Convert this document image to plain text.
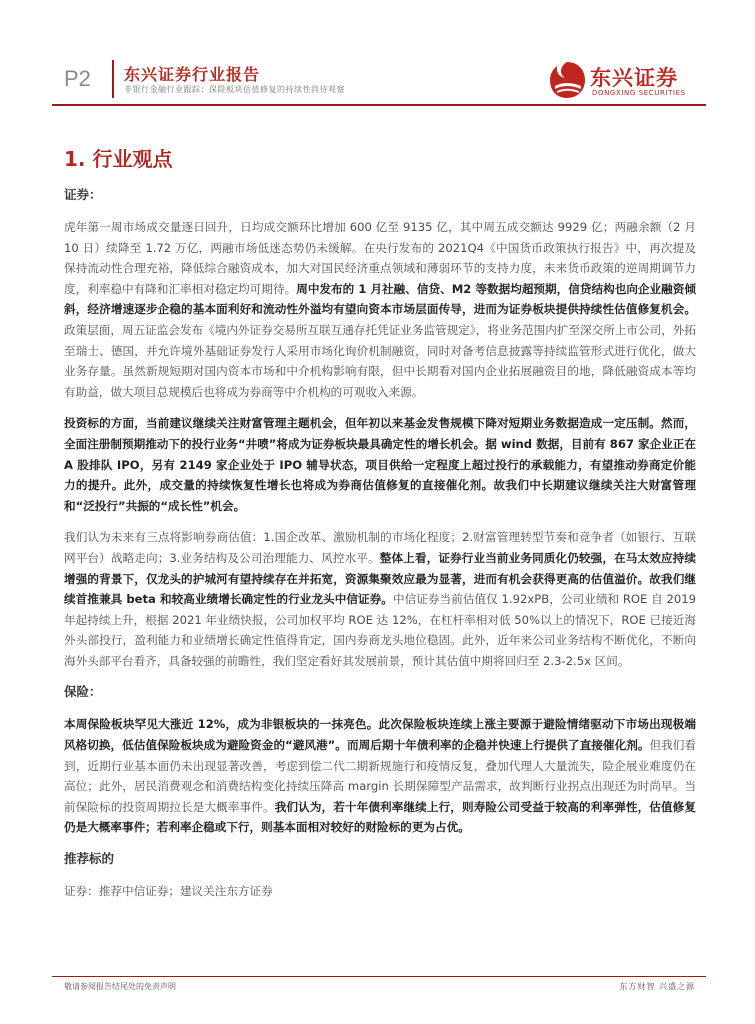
P2 东兴证券行业报告
非银行金融行业跟踪：保险板块估值修复的持续性尚待观察	东兴证券
DONGXING SECURITIES
1. 行业观点

证券：

虎年第一周市场成交量逐日回升，日均成交额环比增加 600 亿至 9135 亿，其中周五成交额达 9929 亿；两融余额（2 月 10 日）续降至 1.72 万亿，两融市场低迷态势仍未缓解。在央行发布的 2021Q4《中国货币政策执行报告》中，再次提及保持流动性合理充裕，降低综合融资成本，加大对国民经济重点领域和薄弱环节的支持力度，未来货币政策的逆周期调节力度，利率稳中有降和汇率相对稳定均可期待。周中发布的 1 月社融、信贷、M2 等数据均超预期，信贷结构也向企业融资倾斜，经济增速逐步企稳的基本面利好和流动性外溢均有望向资本市场层面传导，进而为证券板块提供持续性估值修复机会。政策层面，周五证监会发布《境内外证券交易所互联互通存托凭证业务监管规定》，将业务范围内扩至深交所上市公司，外拓至瑞士、德国，并允许境外基础证券发行人采用市场化询价机制融资，同时对备考信息披露等持续监管形式进行优化，做大业务存量。虽然新规短期对国内资本市场和中介机构影响有限，但中长期看对国内企业拓展融资目的地，降低融资成本等均有助益，做大项目总规模后也将成为券商等中介机构的可观收入来源。

投资标的方面，当前建议继续关注财富管理主题机会，但年初以来基金发售规模下降对短期业务数据造成一定压制。然而，全面注册制预期推动下的投行业务“井喷”将成为证券板块最具确定性的增长机会。据 wind 数据，目前有 867 家企业正在 A 股排队 IPO，另有 2149 家企业处于 IPO 辅导状态，项目供给一定程度上超过投行的承载能力，有望推动券商定价能力的提升。此外，成交量的持续恢复性增长也将成为券商估值修复的直接催化剂。故我们中长期建议继续关注大财富管理和“泛投行”共振的“成长性”机会。

我们认为未来有三点将影响券商估值：1.国企改革、激励机制的市场化程度；2.财富管理转型节奏和竞争者（如银行、互联网平台）战略走向；3.业务结构及公司治理能力、风控水平。整体上看，证券行业当前业务同质化仍较强，在马太效应持续增强的背景下，仅龙头的护城河有望持续存在并拓宽，资源集聚效应最为显著，进而有机会获得更高的估值溢价。故我们继续首推兼具 beta 和较高业绩增长确定性的行业龙头中信证券。中信证券当前估值仅 1.92xPB，公司业绩和 ROE 自 2019 年起持续上升，根据 2021 年业绩快报，公司加权平均 ROE 达 12%，在杠杆率相对低 50%以上的情况下，ROE 已接近海外头部投行，盈利能力和业绩增长确定性值得肯定，国内券商龙头地位稳固。此外，近年来公司业务结构不断优化，不断向海外头部平台看齐，具备较强的前瞻性，我们坚定看好其发展前景，预计其估值中期将回归至 2.3-2.5x 区间。

保险：

本周保险板块罕见大涨近 12%，成为非银板块的一抹亮色。此次保险板块连续上涨主要源于避险情绪驱动下市场出现极端风格切换，低估值保险板块成为避险资金的“避风港”。而周后期十年债利率的企稳并快速上行提供了直接催化剂。但我们看到，近期行业基本面仍未出现显著改善，考虑到偿二代二期新规施行和疫情反复，叠加代理人大量流失，险企展业难度仍在高位；此外，居民消费观念和消费结构变化持续压降高 margin 长期保障型产品需求，故判断行业拐点出现还为时尚早。当前保险标的投资周期拉长是大概率事件。我们认为，若十年债利率继续上行，则寿险公司受益于较高的利率弹性，估值修复仍是大概率事件；若利率企稳或下行，则基本面相对较好的财险标的更为占优。

推荐标的

证券：推荐中信证券；建议关注东方证券

敬请参阅报告结尾处的免责声明	东方财智 兴盛之源
